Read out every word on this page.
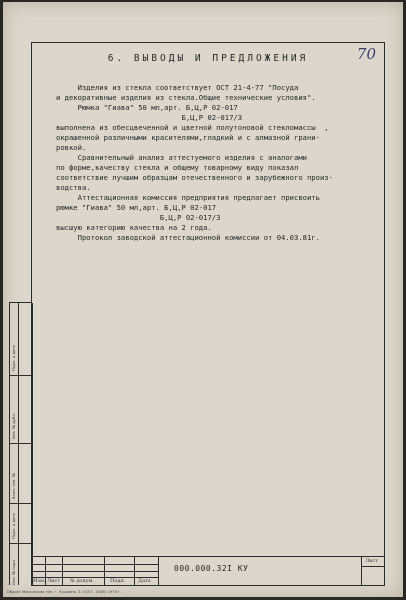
70
6. ВЫВОДЫ И ПРЕДЛОЖЕНИЯ
Изделия из стекла соответствует ОСТ 21-4-77 "Посуда
и декоративные изделия из стекла.Общие технические условия".
Рюмка "Гиава" 50 мл,арт. Б,Ц,Р 02-017
Б,Ц,Р 02-017/3
выполнена из обесцвеченной и цветной полутоновой стекломассы  ,
окрашенной различными красителями,гладкий и с алмазной грани-
ровкой.
Сравнительный анализ аттестуемого изделия с аналогами
по форме,качеству стекла и общему товарному виду показал
соответствие лучшим образцам отечественного и зарубежного произ-
водства.
Аттестационная комиссия предприятия предлагает присвоить
рюмке "Гиава" 50 мл,арт. Б,Ц,Р 02-017
Б,Ц,Р 02-017/3
высшую категорию качества на 2 года.
Протокол заводской аттестационной комиссии от 04.03.81г.
Изм. Лист № докум.	Подп.	Дата
000.000.32I КУ
Лист
Инв. № подл.
Подп. и дата
Взам. инв. №
Инв. № дубл.
Подп. и дата
Оборот Московская тип. г. Пушкино. З. 103 Т. 10000 1978 г.
